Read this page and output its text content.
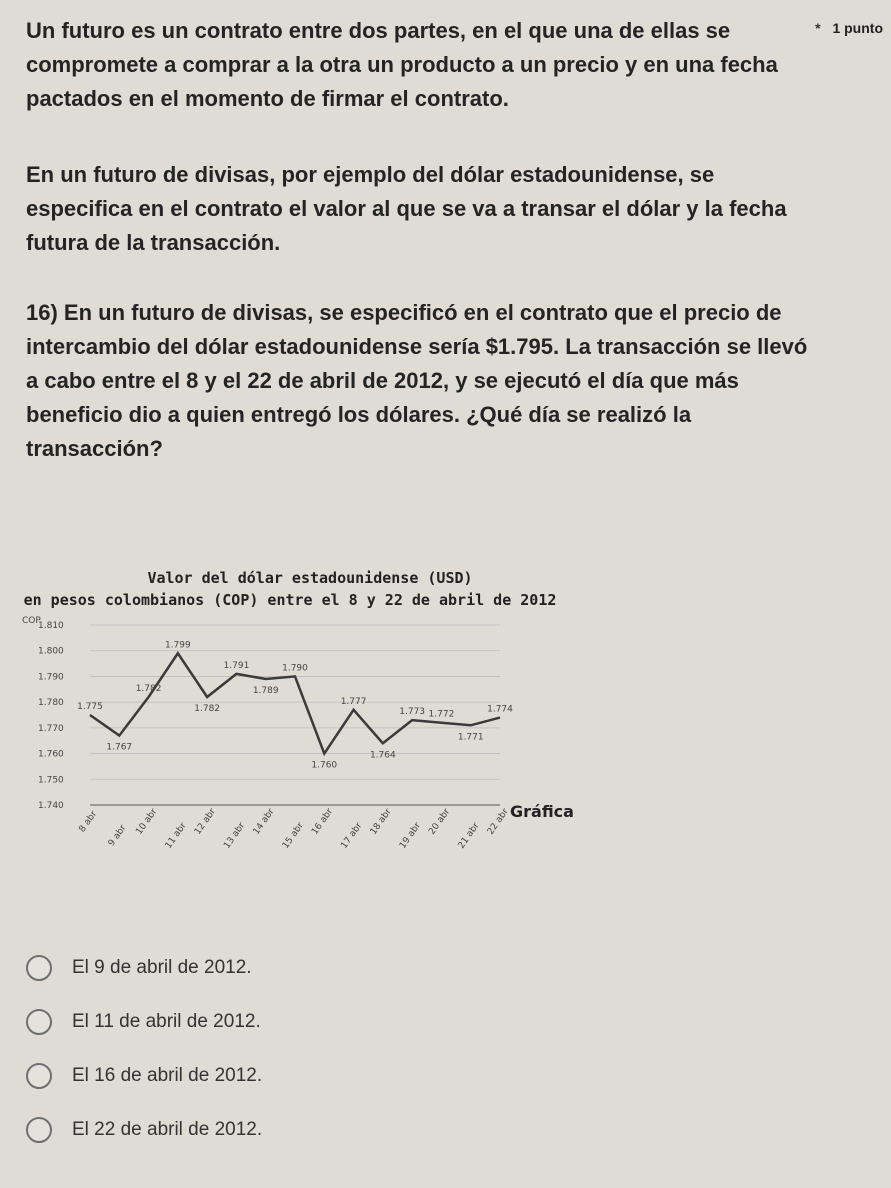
* 1 punto

Un futuro es un contrato entre dos partes, en el que una de ellas se compromete a comprar a la otra un producto a un precio y en una fecha pactados en el momento de firmar el contrato.

En un futuro de divisas, por ejemplo del dólar estadounidense, se especifica en el contrato el valor al que se va a transar el dólar y la fecha futura de la transacción.

16) En un futuro de divisas, se especificó en el contrato que el precio de intercambio del dólar estadounidense sería $1.795. La transacción se llevó a cabo entre el 8 y el 22 de abril de 2012, y se ejecutó el día que más beneficio dio a quien entregó los dólares. ¿Qué día se realizó la transacción?

Valor del dólar estadounidense (USD)
en pesos colombianos (COP) entre el 8 y 22 de abril de 2012
COP
1.740
1.750
1.760
1.770
1.780
1.790
1.800
1.810
8 abr
9 abr 10 abr 11 abr 12 abr 13 abr 14 abr 15 abr 16 abr 17 abr 18 abr 19 abr 20 abr 21 abr 22 abr
1.775
1.767
1.782
1.799
1.782
1.791
1.789
1.790
1.760
1.777
1.764
1.773 1.772
1.771
1.774
Gráfica
El 9 de abril de 2012.
El 11 de abril de 2012.
El 16 de abril de 2012.
El 22 de abril de 2012.
